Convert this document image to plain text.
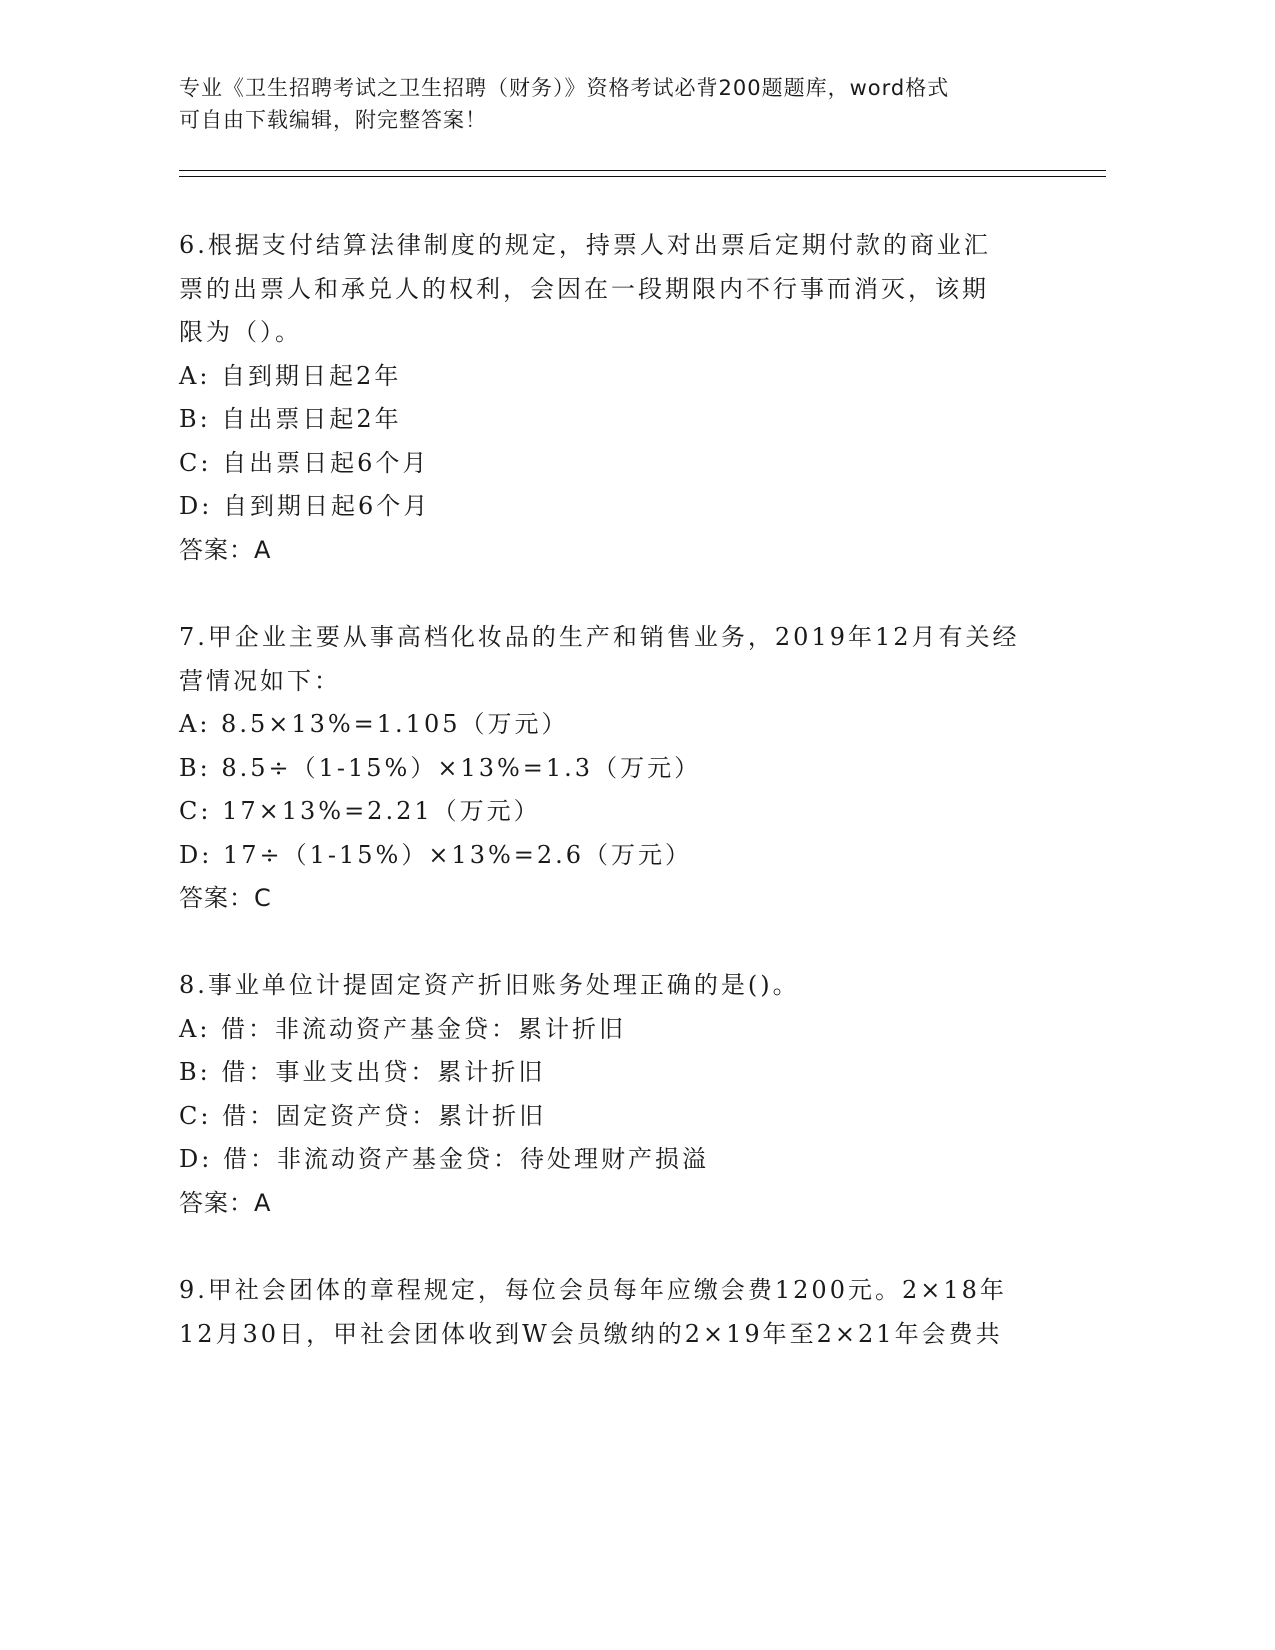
专业《卫生招聘考试之卫生招聘（财务）》资格考试必背200题题库，word格式
可自由下载编辑，附完整答案！
6.根据支付结算法律制度的规定，持票人对出票后定期付款的商业汇
票的出票人和承兑人的权利，会因在一段期限内不行事而消灭，该期
限为（）。
A: 自到期日起2年
B: 自出票日起2年
C: 自出票日起6个月
D: 自到期日起6个月
答案：A
7.甲企业主要从事高档化妆品的生产和销售业务，2019年12月有关经
营情况如下：
A: 8.5×13%=1.105（万元）
B: 8.5÷（1-15%）×13%=1.3（万元）
C: 17×13%=2.21（万元）
D: 17÷（1-15%）×13%=2.6（万元）
答案：C
8.事业单位计提固定资产折旧账务处理正确的是()。
A: 借：非流动资产基金贷：累计折旧
B: 借：事业支出贷：累计折旧
C: 借：固定资产贷：累计折旧
D: 借：非流动资产基金贷：待处理财产损溢
答案：A
9.甲社会团体的章程规定，每位会员每年应缴会费1200元。2×18年
12月30日，甲社会团体收到W会员缴纳的2×19年至2×21年会费共
